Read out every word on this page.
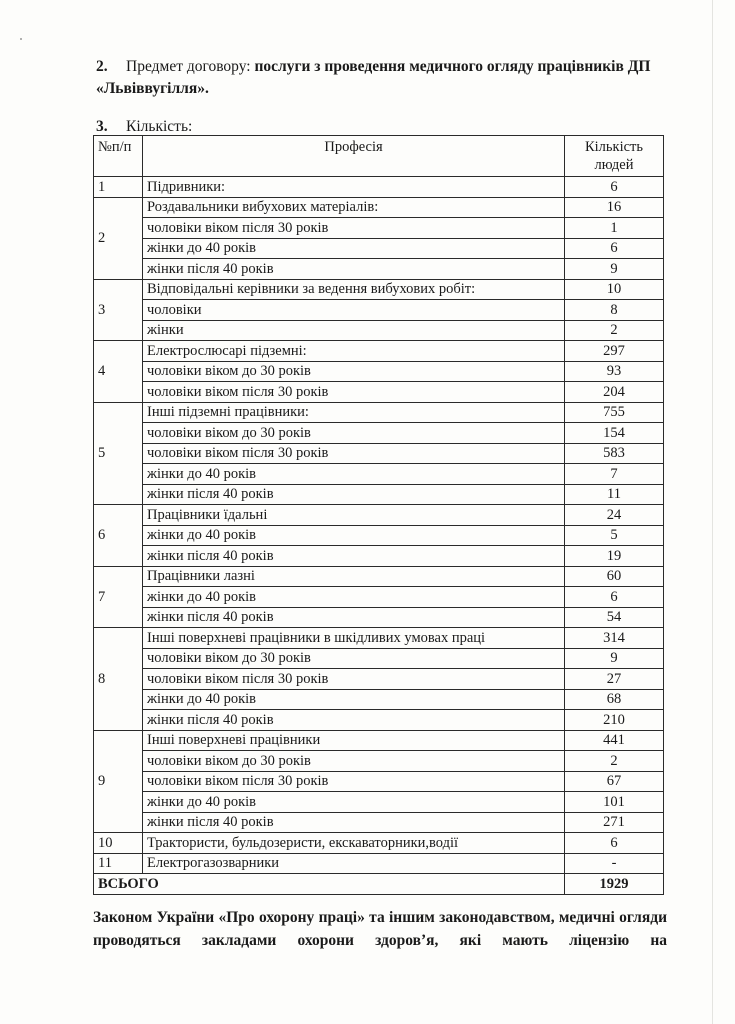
2. Предмет договору: послуги з проведення медичного огляду працівників ДП «Львіввугілля».
3. Кількість:
№п/п	Професія	Кількість
людей
1	Підривники:	6
2	Роздавальники вибухових матеріалів:	16
	чоловіки віком після 30 років	1
	жінки до 40 років	6
	жінки після 40 років	9
3	Відповідальні керівники за ведення вибухових робіт:	10
	чоловіки	8
	жінки	2
4	Електрослюсарі підземні:	297
	чоловіки віком до 30 років	93
	чоловіки віком після 30 років	204
5	Інші підземні працівники:	755
	чоловіки віком до 30 років	154
	чоловіки віком після 30 років	583
	жінки до 40 років	7
	жінки після 40 років	11
6	Працівники їдальні	24
	жінки до 40 років	5
	жінки після 40 років	19
7	Працівники лазні	60
	жінки до 40 років	6
	жінки після 40 років	54
8	Інші поверхневі працівники в шкідливих умовах праці	314
	чоловіки віком до 30 років	9
	чоловіки віком після 30 років	27
	жінки до 40 років	68
	жінки після 40 років	210
9	Інші поверхневі працівники	441
	чоловіки віком до 30 років	2
	чоловіки віком після 30 років	67
	жінки до 40 років	101
	жінки після 40 років	271
10	Трактористи, бульдозеристи, екскаваторники,водії	6
11	Електрогазозварники	-
ВСЬОГО		1929
Законом України «Про охорону праці» та іншим законодавством, медичні огляди проводяться закладами охорони здоров’я, які мають ліцензію на
